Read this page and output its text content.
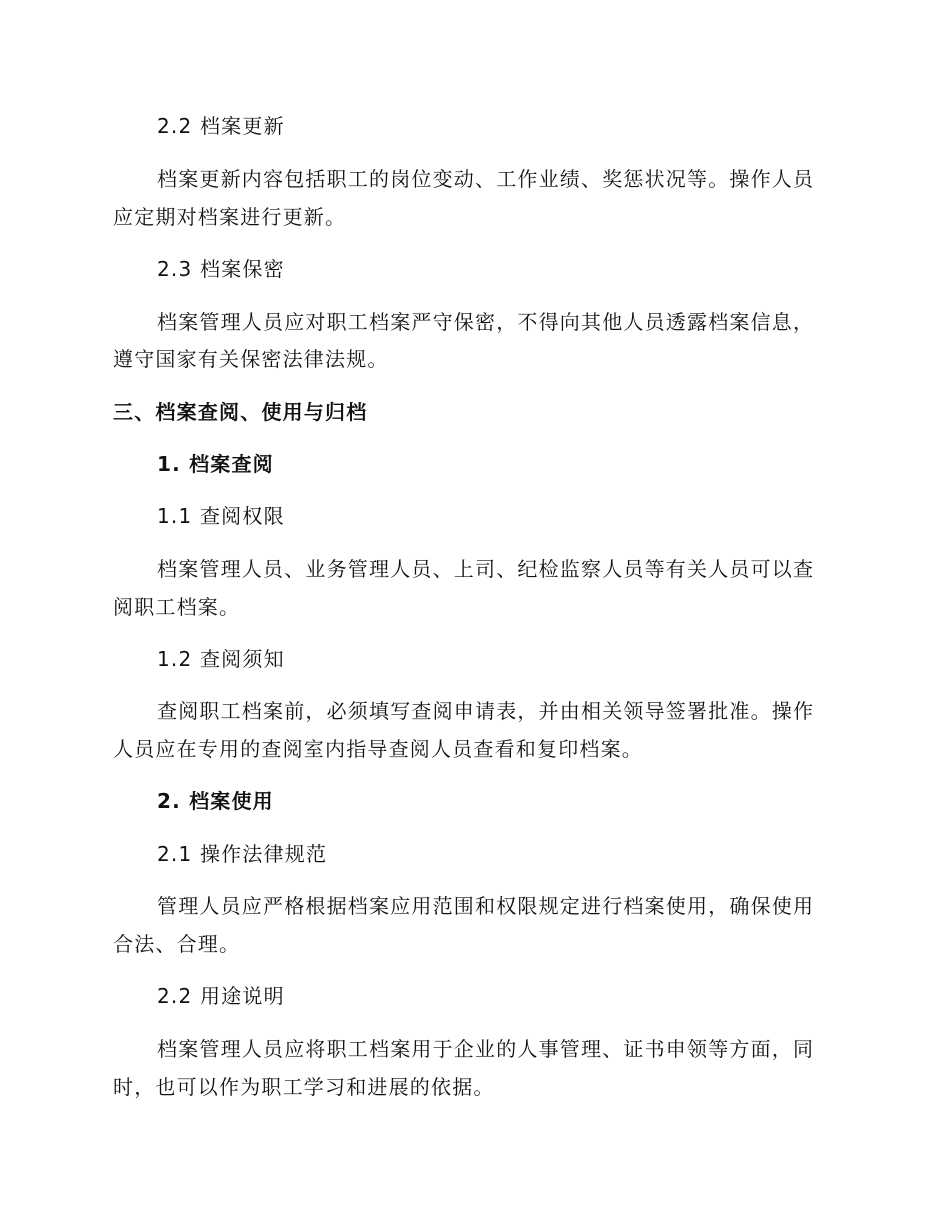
2.2 档案更新
档案更新内容包括职工的岗位变动、工作业绩、奖惩状况等。操作人员
应定期对档案进行更新。
2.3 档案保密
档案管理人员应对职工档案严守保密，不得向其他人员透露档案信息，
遵守国家有关保密法律法规。
三、档案查阅、使用与归档
1. 档案查阅
1.1 查阅权限
档案管理人员、业务管理人员、上司、纪检监察人员等有关人员可以查
阅职工档案。
1.2 查阅须知
查阅职工档案前，必须填写查阅申请表，并由相关领导签署批准。操作
人员应在专用的查阅室内指导查阅人员查看和复印档案。
2. 档案使用
2.1 操作法律规范
管理人员应严格根据档案应用范围和权限规定进行档案使用，确保使用
合法、合理。
2.2 用途说明
档案管理人员应将职工档案用于企业的人事管理、证书申领等方面，同
时，也可以作为职工学习和进展的依据。
